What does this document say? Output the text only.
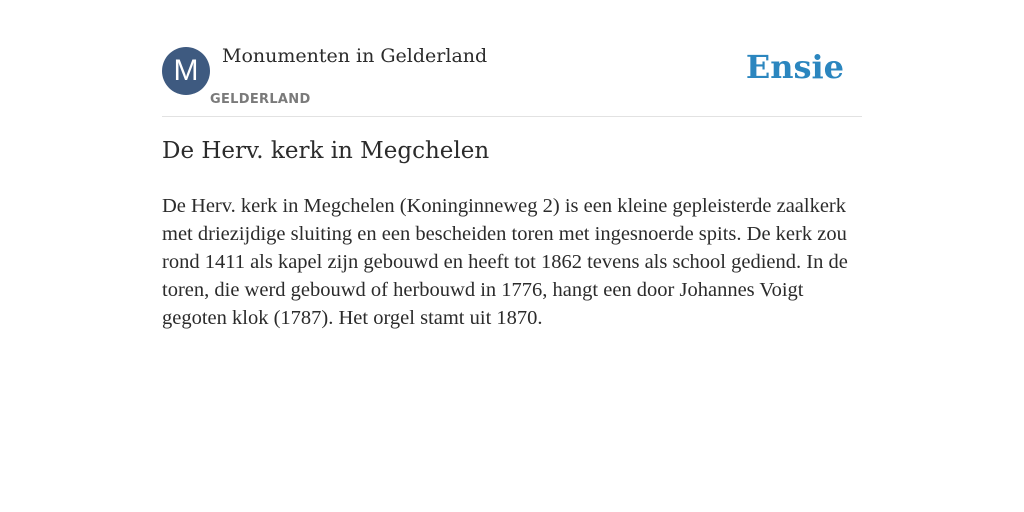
M	Monumenten in Gelderland
GELDERLAND
Ensie
De Herv. kerk in Megchelen

De Herv. kerk in Megchelen (Koninginneweg 2) is een kleine gepleisterde zaalkerk met driezijdige sluiting en een bescheiden toren met ingesnoerde spits. De kerk zou rond 1411 als kapel zijn gebouwd en heeft tot 1862 tevens als school gediend. In de toren, die werd gebouwd of herbouwd in 1776, hangt een door Johannes Voigt gegoten klok (1787). Het orgel stamt uit 1870.
